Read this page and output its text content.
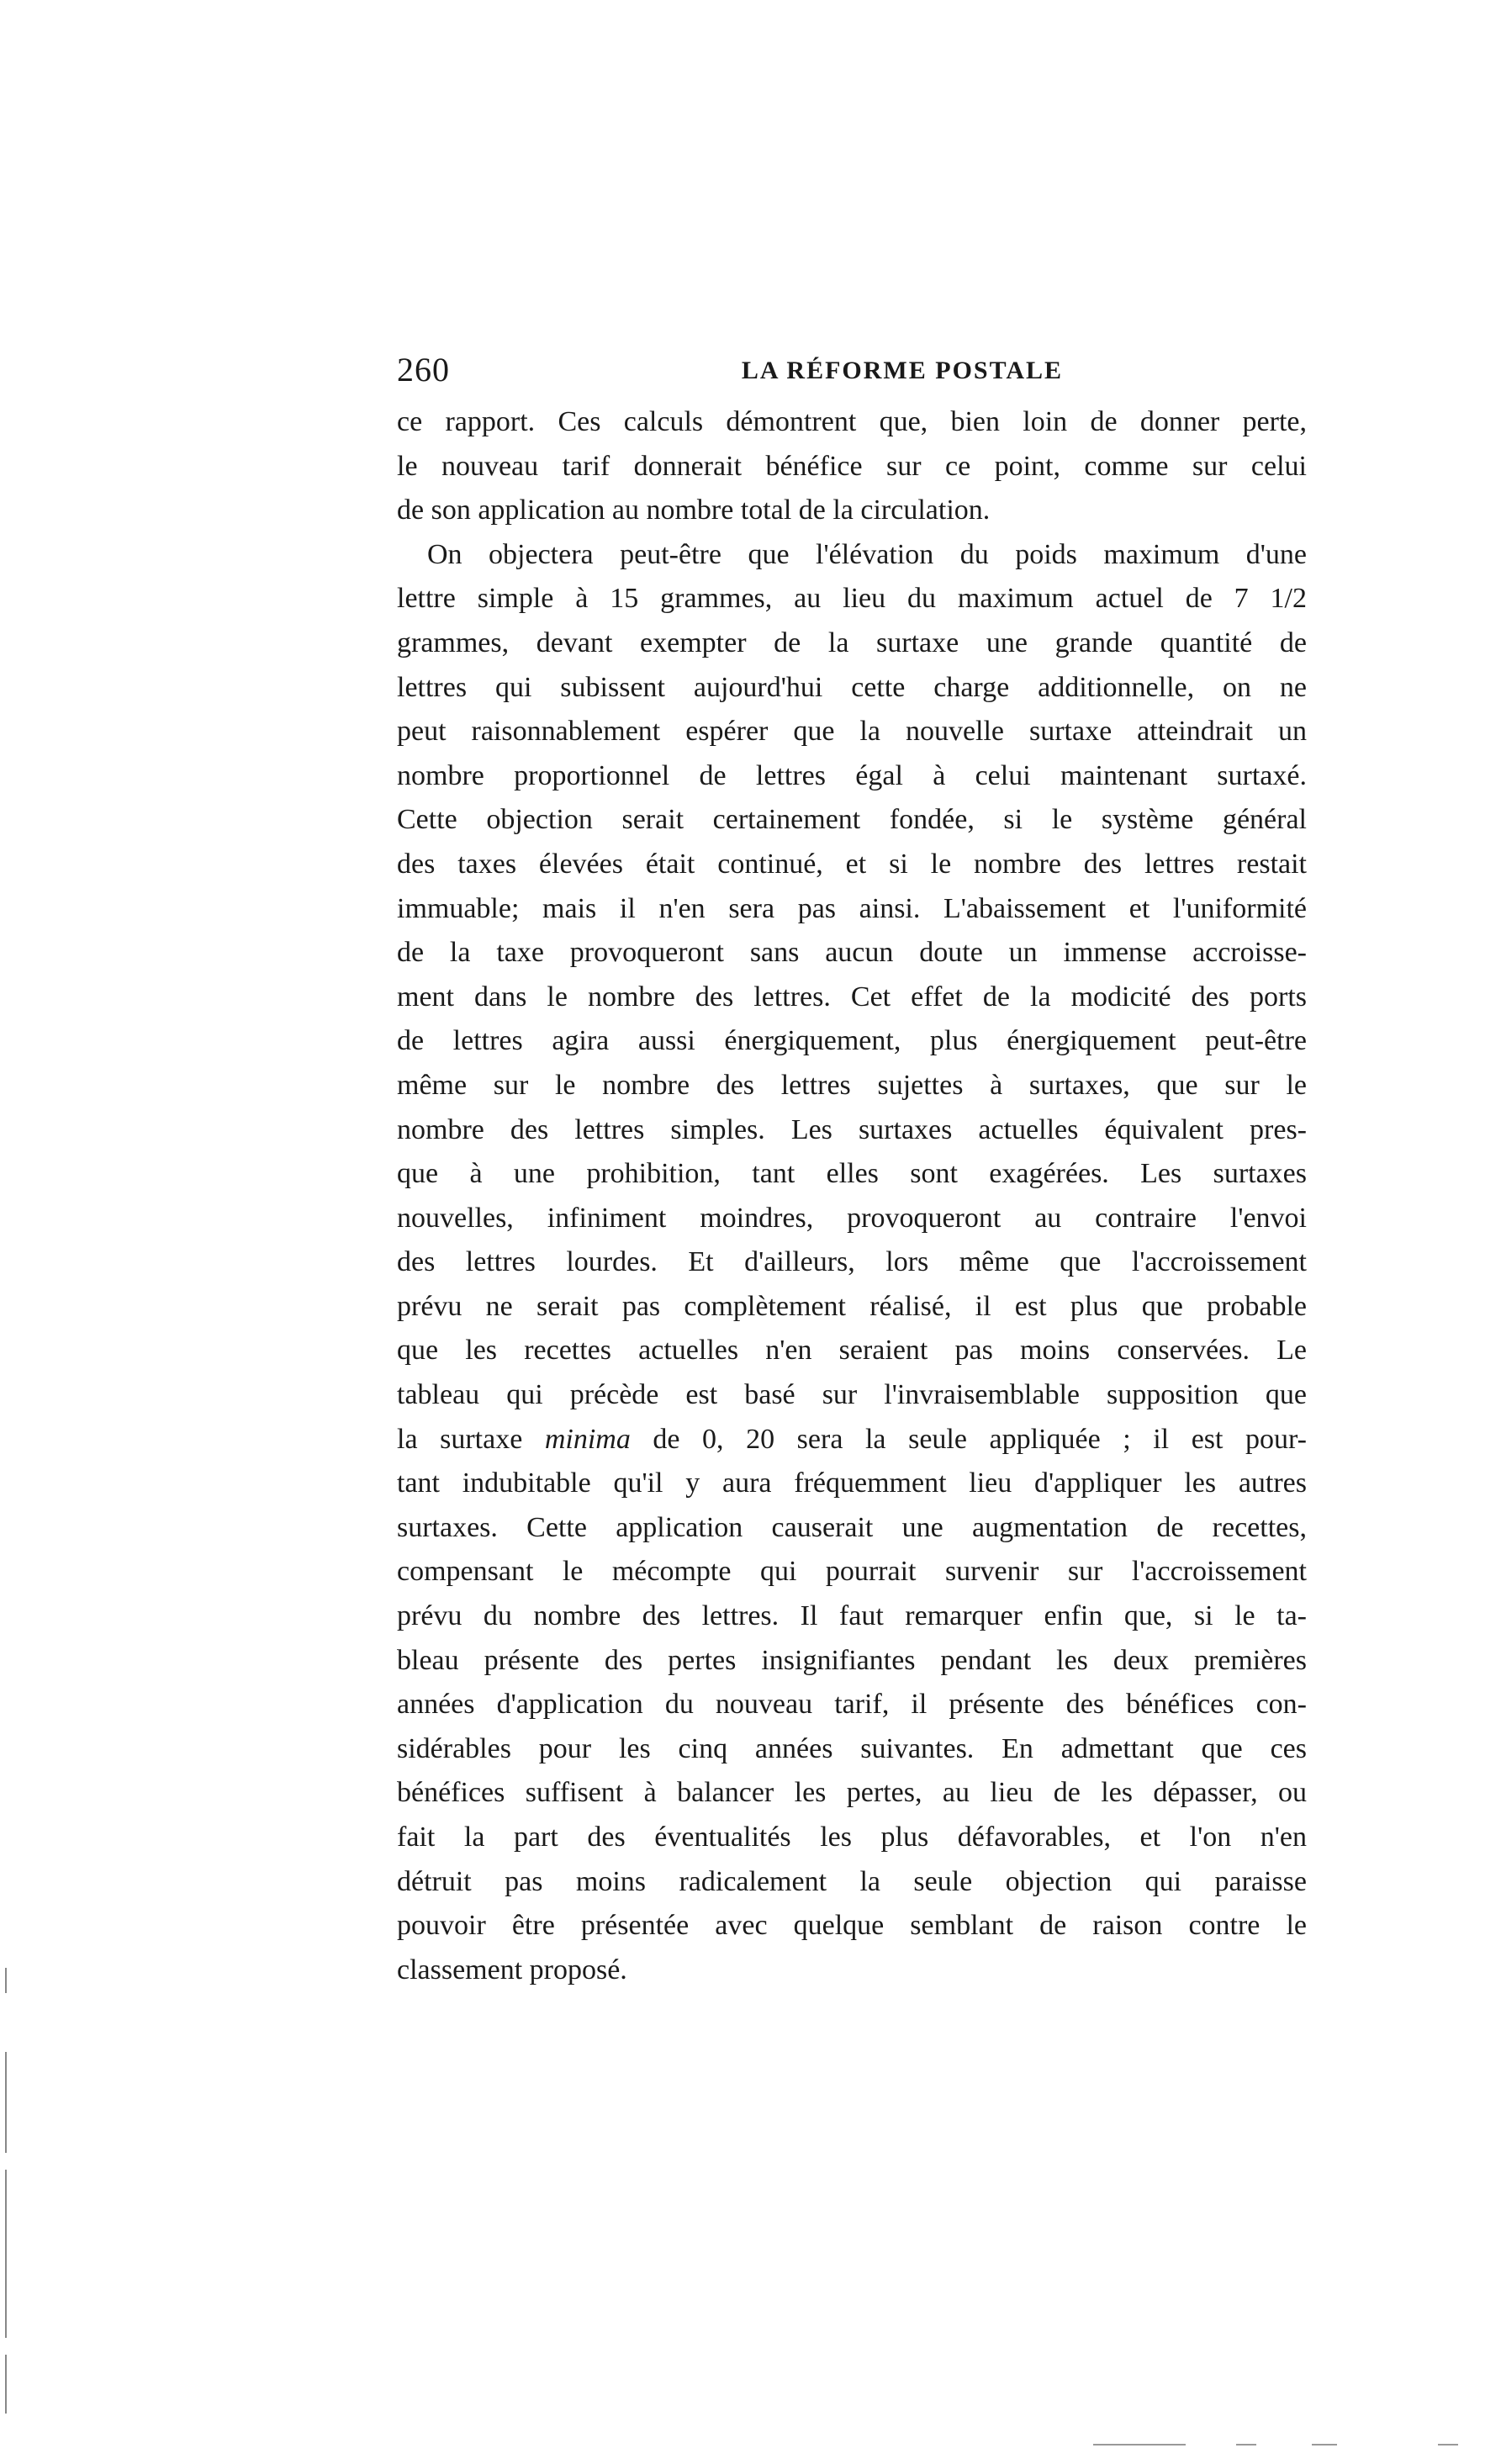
260	LA RÉFORME POSTALE
ce rapport. Ces calculs démontrent que, bien loin de donner perte,
le nouveau tarif donnerait bénéfice sur ce point, comme sur celui
de son application au nombre total de la circulation.
On objectera peut-être que l'élévation du poids maximum d'une
lettre simple à 15 grammes, au lieu du maximum actuel de 7 1/2
grammes, devant exempter de la surtaxe une grande quantité de
lettres qui subissent aujourd'hui cette charge additionnelle, on ne
peut raisonnablement espérer que la nouvelle surtaxe atteindrait un
nombre proportionnel de lettres égal à celui maintenant surtaxé.
Cette objection serait certainement fondée, si le système général
des taxes élevées était continué, et si le nombre des lettres restait
immuable; mais il n'en sera pas ainsi. L'abaissement et l'uniformité
de la taxe provoqueront sans aucun doute un immense accroisse-
ment dans le nombre des lettres. Cet effet de la modicité des ports
de lettres agira aussi énergiquement, plus énergiquement peut-être
même sur le nombre des lettres sujettes à surtaxes, que sur le
nombre des lettres simples. Les surtaxes actuelles équivalent pres-
que à une prohibition, tant elles sont exagérées. Les surtaxes
nouvelles, infiniment moindres, provoqueront au contraire l'envoi
des lettres lourdes. Et d'ailleurs, lors même que l'accroissement
prévu ne serait pas complètement réalisé, il est plus que probable
que les recettes actuelles n'en seraient pas moins conservées. Le
tableau qui précède est basé sur l'invraisemblable supposition que
la surtaxe minima de 0, 20 sera la seule appliquée ; il est pour-
tant indubitable qu'il y aura fréquemment lieu d'appliquer les autres
surtaxes. Cette application causerait une augmentation de recettes,
compensant le mécompte qui pourrait survenir sur l'accroissement
prévu du nombre des lettres. Il faut remarquer enfin que, si le ta-
bleau présente des pertes insignifiantes pendant les deux premières
années d'application du nouveau tarif, il présente des bénéfices con-
sidérables pour les cinq années suivantes. En admettant que ces
bénéfices suffisent à balancer les pertes, au lieu de les dépasser, ou
fait la part des éventualités les plus défavorables, et l'on n'en
détruit pas moins radicalement la seule objection qui paraisse
pouvoir être présentée avec quelque semblant de raison contre le
classement proposé.
